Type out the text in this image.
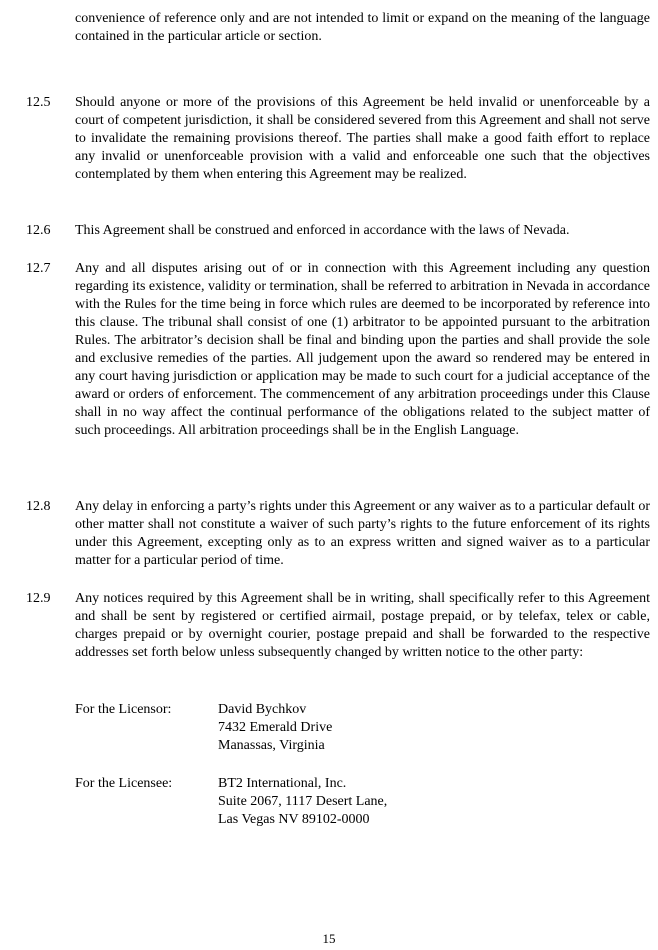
convenience of reference only and are not intended to limit or expand on the meaning of the language contained in the particular article or section.

12.5	Should anyone or more of the provisions of this Agreement be held invalid or unenforceable by a court of competent jurisdiction, it shall be considered severed from this Agreement and shall not serve to invalidate the remaining provisions thereof. The parties shall make a good faith effort to replace any invalid or unenforceable provision with a valid and enforceable one such that the objectives contemplated by them when entering this Agreement may be realized.

12.6	This Agreement shall be construed and enforced in accordance with the laws of Nevada.

12.7	Any and all disputes arising out of or in connection with this Agreement including any question regarding its existence, validity or termination, shall be referred to arbitration in Nevada in accordance with the Rules for the time being in force which rules are deemed to be incorporated by reference into this clause. The tribunal shall consist of one (1) arbitrator to be appointed pursuant to the arbitration Rules. The arbitrator’s decision shall be final and binding upon the parties and shall provide the sole and exclusive remedies of the parties. All judgement upon the award so rendered may be entered in any court having jurisdiction or application may be made to such court for a judicial acceptance of the award or orders of enforcement. The commencement of any arbitration proceedings under this Clause shall in no way affect the continual performance of the obligations related to the subject matter of such proceedings. All arbitration proceedings shall be in the English Language.

12.8	Any delay in enforcing a party’s rights under this Agreement or any waiver as to a particular default or other matter shall not constitute a waiver of such party’s rights to the future enforcement of its rights under this Agreement, excepting only as to an express written and signed waiver as to a particular matter for a particular period of time.

12.9	Any notices required by this Agreement shall be in writing, shall specifically refer to this Agreement and shall be sent by registered or certified airmail, postage prepaid, or by telefax, telex or cable, charges prepaid or by overnight courier, postage prepaid and shall be forwarded to the respective addresses set forth below unless subsequently changed by written notice to the other party:

For the Licensor:	David Bychkov
7432 Emerald Drive
Manassas, Virginia

For the Licensee:	BT2 International, Inc.
Suite 2067, 1117 Desert Lane,
Las Vegas NV 89102-0000

15
